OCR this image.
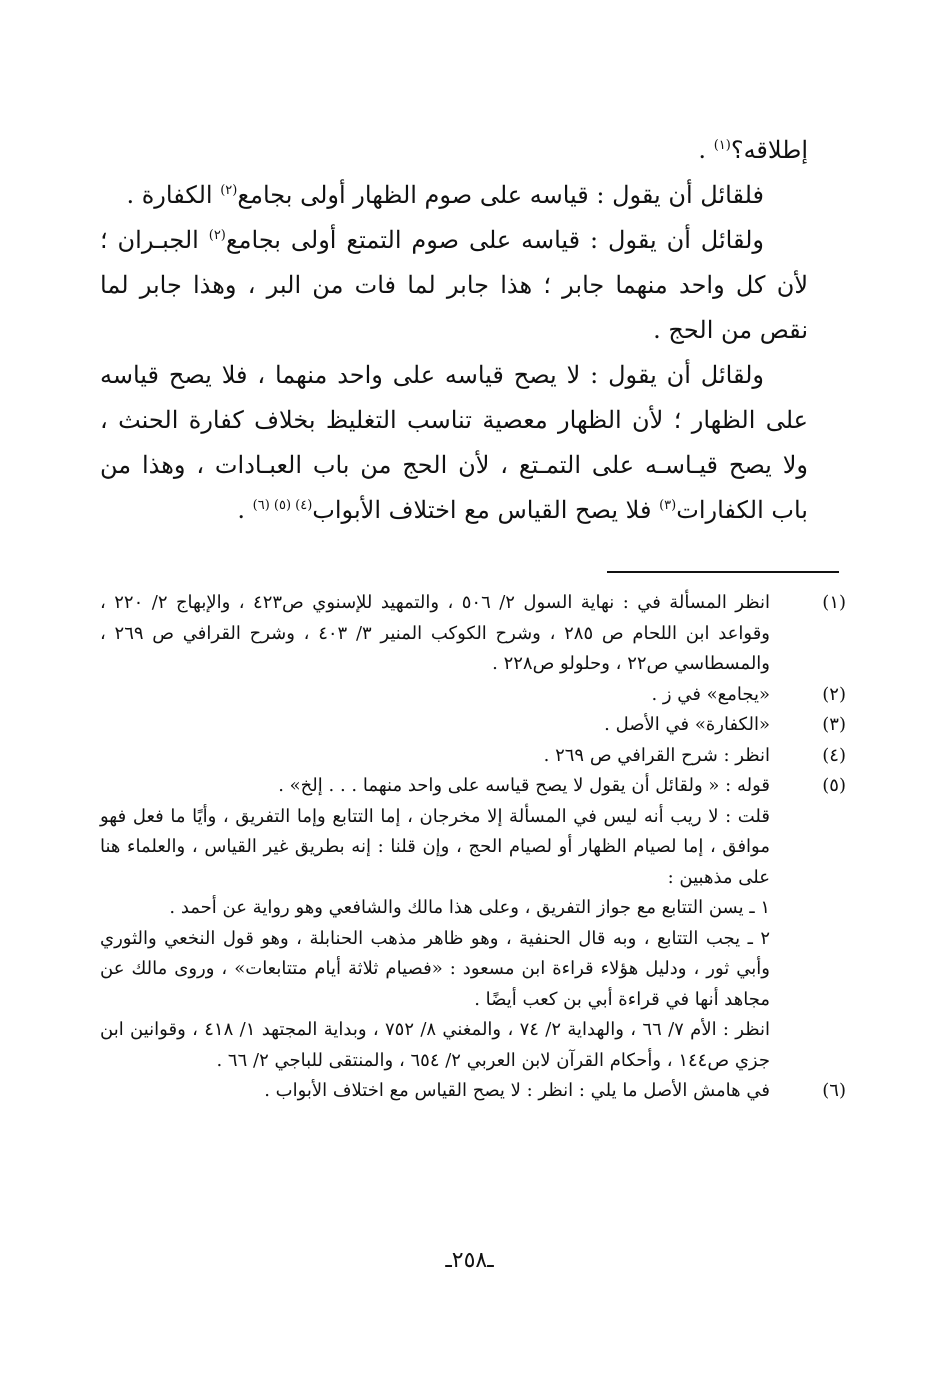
إطلاقه؟$^{(١)}$ .

فلقائل أن يقول : قياسه على صوم الظهار أولى بجامع$^{(٢)}$ الكفارة .

ولقائل أن يقول : قياسه على صوم التمتع أولى بجامع$^{(٢)}$ الجبـران ؛ لأن كل واحد منهما جابر ؛ هذا جابر لما فات من البر ، وهذا جابر لما نقص من الحج .

ولقائل أن يقول : لا يصح قياسه على واحد منهما ، فلا يصح قياسه على الظهار ؛ لأن الظهار معصية تناسب التغليظ بخلاف كفارة الحنث ، ولا يصح قيـاسـه على التمـتع ، لأن الحج من باب العبـادات ، وهذا من باب الكفارات$^{(٣)}$ فلا يصح القياس مع اختلاف الأبواب$^{(٤) (٥) (٦)}$ .

(١)انظر المسألة في : نهاية السول ٢/ ٥٠٦ ، والتمهيد للإسنوي ص٤٢٣ ، والإبهاج ٢/ ٢٢٠ ، وقواعد ابن اللحام ص ٢٨٥ ، وشرح الكوكب المنير ٣/ ٤٠٣ ، وشرح القرافي ص ٢٦٩ ، والمسطاسي ص٢٢ ، وحلولو ص٢٢٨ .

(٢)«يجامع» في ز .

(٣)«الكفارة» في الأصل .

(٤)انظر : شرح القرافي ص ٢٦٩ .

(٥)قوله : « ولقائل أن يقول لا يصح قياسه على واحد منهما . . . إلخ» .

قلت : لا ريب أنه ليس في المسألة إلا مخرجان ، إما التتابع وإما التفريق ، وأيًا ما فعل فهو موافق ، إما لصيام الظهار أو لصيام الحج ، وإن قلنا : إنه بطريق غير القياس ، والعلماء هنا على مذهبين :

١ ـ يسن التتابع مع جواز التفريق ، وعلى هذا مالك والشافعي وهو رواية عن أحمد .

٢ ـ يجب التتابع ، وبه قال الحنفية ، وهو ظاهر مذهب الحنابلة ، وهو قول النخعي والثوري وأبي ثور ، ودليل هؤلاء قراءة ابن مسعود : «فصيام ثلاثة أيام متتابعات» ، وروى مالك عن مجاهد أنها في قراءة أبي بن كعب أيضًا .

انظر : الأم ٧/ ٦٦ ، والهداية ٢/ ٧٤ ، والمغني ٨/ ٧٥٢ ، وبداية المجتهد ١/ ٤١٨ ، وقوانين ابن جزي ص١٤٤ ، وأحكام القرآن لابن العربي ٢/ ٦٥٤ ، والمنتقى للباجي ٢/ ٦٦ .

(٦)في هامش الأصل ما يلي : انظر : لا يصح القياس مع اختلاف الأبواب .

ـ٢٥٨ـ
